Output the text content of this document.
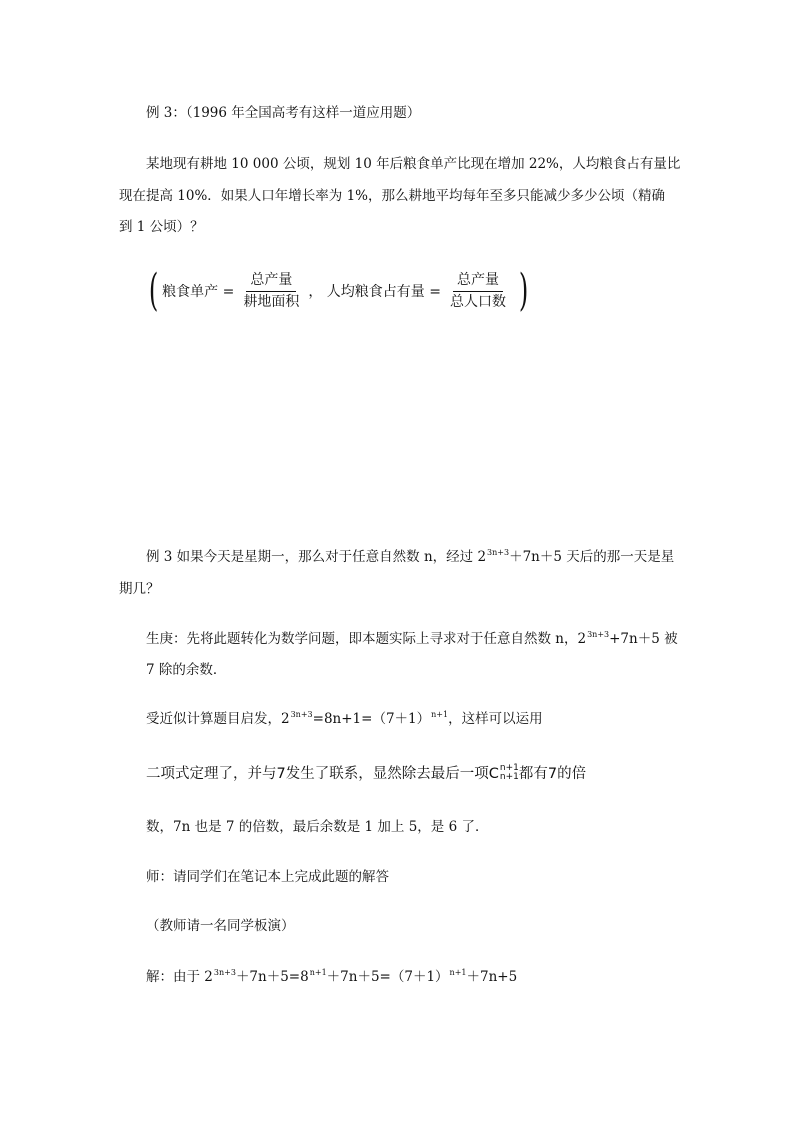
例 3：（1996 年全国高考有这样一道应用题）
某地现有耕地 10 000 公顷，规划 10 年后粮食单产比现在增加 22%，人均粮食占有量比
现在提高 10%．如果人口年增长率为 1%，那么耕地平均每年至多只能减少多少公顷（精确
到 1 公顷）？
( 粮食单产 = $\frac{\text{总产量}}{\text{耕地面积}}$ ， 人均粮食占有量 = $\frac{\text{总产量}}{\text{总人口数}}$ )
例 3 如果今天是星期一，那么对于任意自然数 n，经过 $2^{3n+3}+7n+5$ 天后的那一天是星
期几？
生庚：先将此题转化为数学问题，即本题实际上寻求对于任意自然数 n，$2^{3n+3}+7n+5$ 被
7 除的余数．
受近似计算题目启发，$2^{3n+3}=8n+1=(7+1)^{n+1}$，这样可以运用
二项式定理了，并与7发生了联系，显然除去最后一项C n+1
n+1 都有7的倍
数，7n 也是 7 的倍数，最后余数是 1 加上 5，是 6 了．
师：请同学们在笔记本上完成此题的解答
（教师请一名同学板演）
解：由于 $2^{3n+3}+7n+5=8^{n+1}+7n+5=(7+1)^{n+1}+7n+5$
